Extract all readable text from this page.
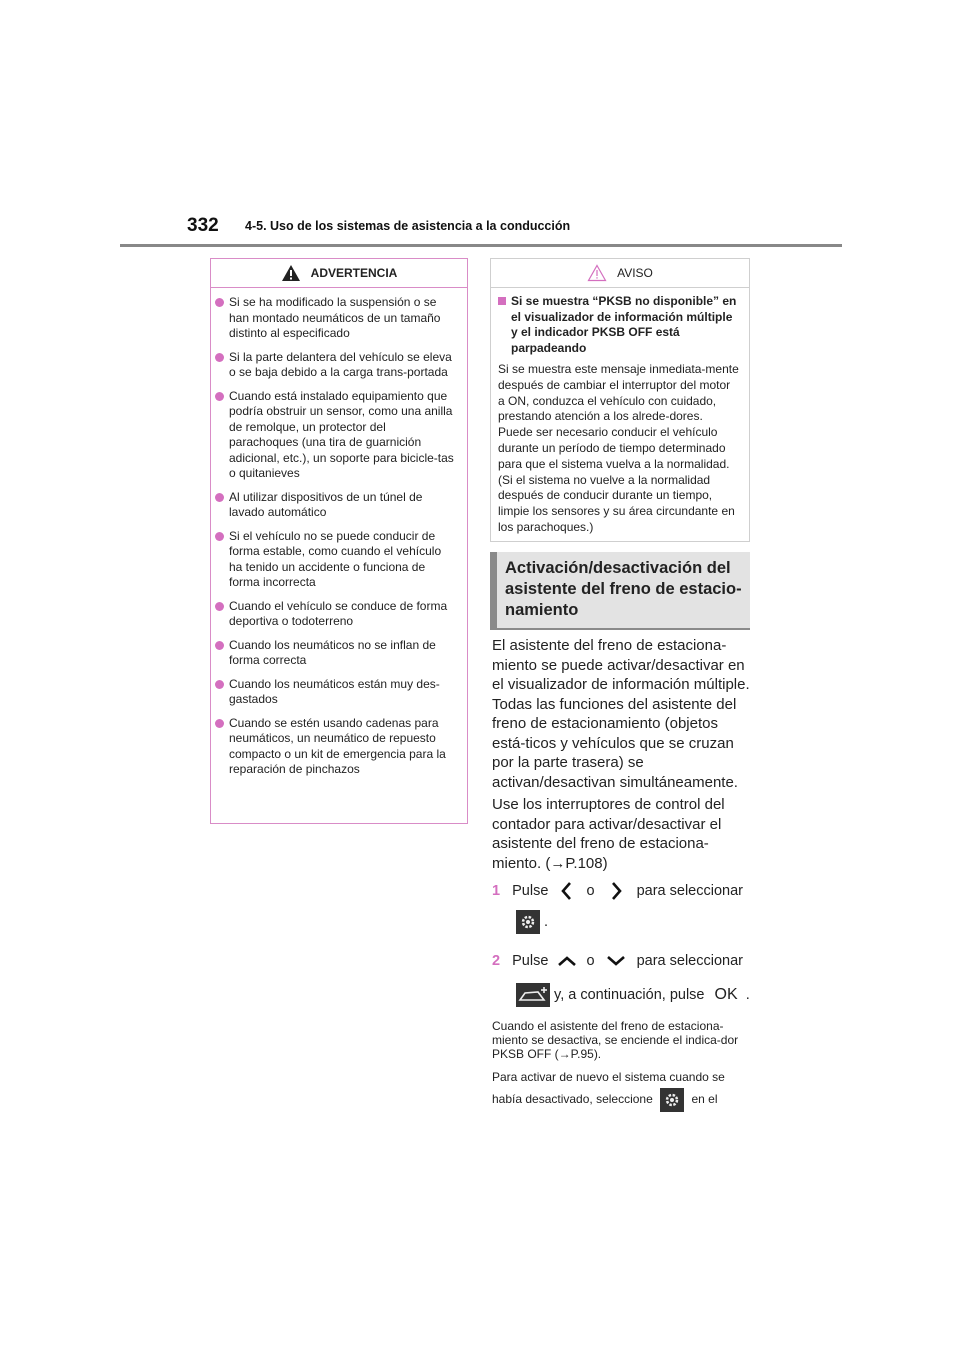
332 4-5. Uso de los sistemas de asistencia a la conducción
ADVERTENCIA
Si se ha modificado la suspensión o se han montado neumáticos de un tamaño distinto al especificado
Si la parte delantera del vehículo se eleva o se baja debido a la carga trans-portada
Cuando está instalado equipamiento que podría obstruir un sensor, como una anilla de remolque, un protector del parachoques (una tira de guarnición adicional, etc.), un soporte para bicicle-tas o quitanieves
Al utilizar dispositivos de un túnel de lavado automático
Si el vehículo no se puede conducir de forma estable, como cuando el vehículo ha tenido un accidente o funciona de forma incorrecta
Cuando el vehículo se conduce de forma deportiva o todoterreno
Cuando los neumáticos no se inflan de forma correcta
Cuando los neumáticos están muy des-gastados
Cuando se estén usando cadenas para neumáticos, un neumático de repuesto compacto o un kit de emergencia para la reparación de pinchazos
AVISO
Si se muestra “PKSB no disponible” en el visualizador de información múltiple y el indicador PKSB OFF está parpadeando
Si se muestra este mensaje inmediata-mente después de cambiar el interruptor del motor a ON, conduzca el vehículo con cuidado, prestando atención a los alrede-dores. Puede ser necesario conducir el vehículo durante un período de tiempo determinado para que el sistema vuelva a la normalidad. (Si el sistema no vuelve a la normalidad después de conducir durante un tiempo, limpie los sensores y su área circundante en los parachoques.)
Activación/desactivación del asistente del freno de estacio-namiento
El asistente del freno de estaciona-miento se puede activar/desactivar en el visualizador de información múltiple. Todas las funciones del asistente del freno de estacionamiento (objetos está-ticos y vehículos que se cruzan por la parte trasera) se activan/desactivan simultáneamente.
Use los interruptores de control del contador para activar/desactivar el asistente del freno de estaciona-miento. (→P.108)
1 Pulse	o	para seleccionar
.
2 Pulse	o	para seleccionar
y, a continuación, pulse OK .
Cuando el asistente del freno de estaciona-miento se desactiva, se enciende el indica-dor PKSB OFF (→P.95).
Para activar de nuevo el sistema cuando se
había desactivado, seleccione	en el
